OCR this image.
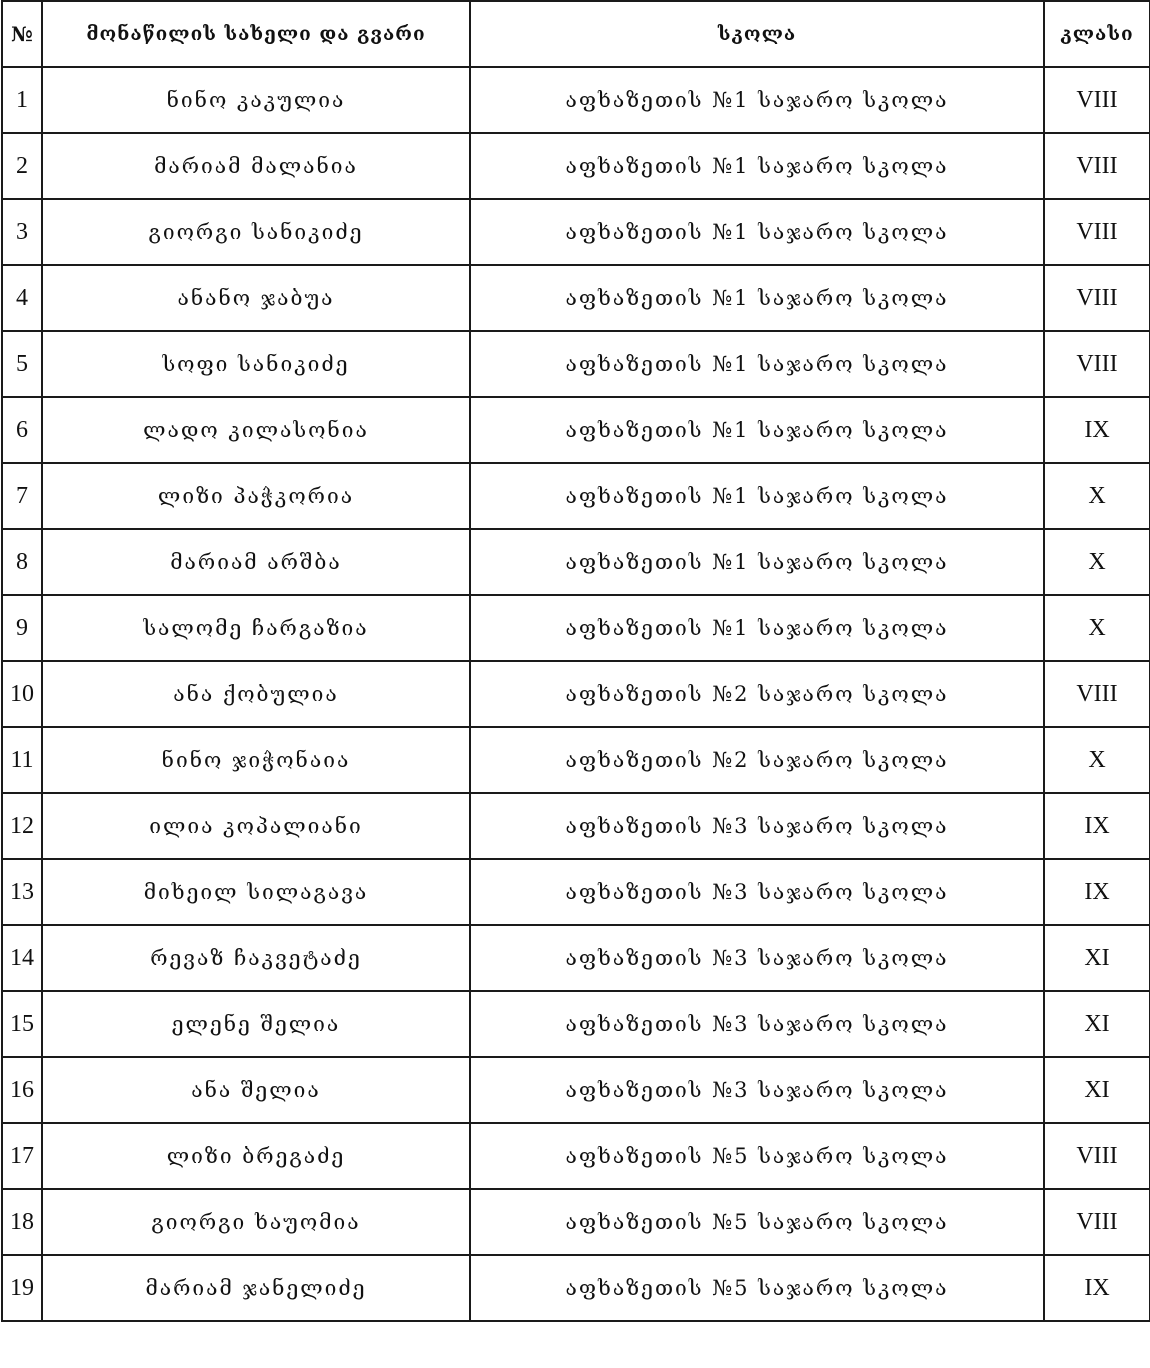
№	მონაწილის სახელი და გვარი	სკოლა	კლასი
1	ნინო კაკულია	აფხაზეთის №1 საჯარო სკოლა	VIII
2	მარიამ მალანია	აფხაზეთის №1 საჯარო სკოლა	VIII
3	გიორგი სანიკიძე	აფხაზეთის №1 საჯარო სკოლა	VIII
4	ანანო ჯაბუა	აფხაზეთის №1 საჯარო სკოლა	VIII
5	სოფი სანიკიძე	აფხაზეთის №1 საჯარო სკოლა	VIII
6	ლადო კილასონია	აფხაზეთის №1 საჯარო სკოლა	IX
7	ლიზი პაჭკორია	აფხაზეთის №1 საჯარო სკოლა	X
8	მარიამ არშბა	აფხაზეთის №1 საჯარო სკოლა	X
9	სალომე ჩარგაზია	აფხაზეთის №1 საჯარო სკოლა	X
10	ანა ქობულია	აფხაზეთის №2 საჯარო სკოლა	VIII
11	ნინო ჯიჭონაია	აფხაზეთის №2 საჯარო სკოლა	X
12	ილია კოპალიანი	აფხაზეთის №3 საჯარო სკოლა	IX
13	მიხეილ სილაგავა	აფხაზეთის №3 საჯარო სკოლა	IX
14	რევაზ ჩაკვეტაძე	აფხაზეთის №3 საჯარო სკოლა	XI
15	ელენე შელია	აფხაზეთის №3 საჯარო სკოლა	XI
16	ანა შელია	აფხაზეთის №3 საჯარო სკოლა	XI
17	ლიზი ბრეგაძე	აფხაზეთის №5 საჯარო სკოლა	VIII
18	გიორგი ხაუომია	აფხაზეთის №5 საჯარო სკოლა	VIII
19	მარიამ ჯანელიძე	აფხაზეთის №5 საჯარო სკოლა	IX
